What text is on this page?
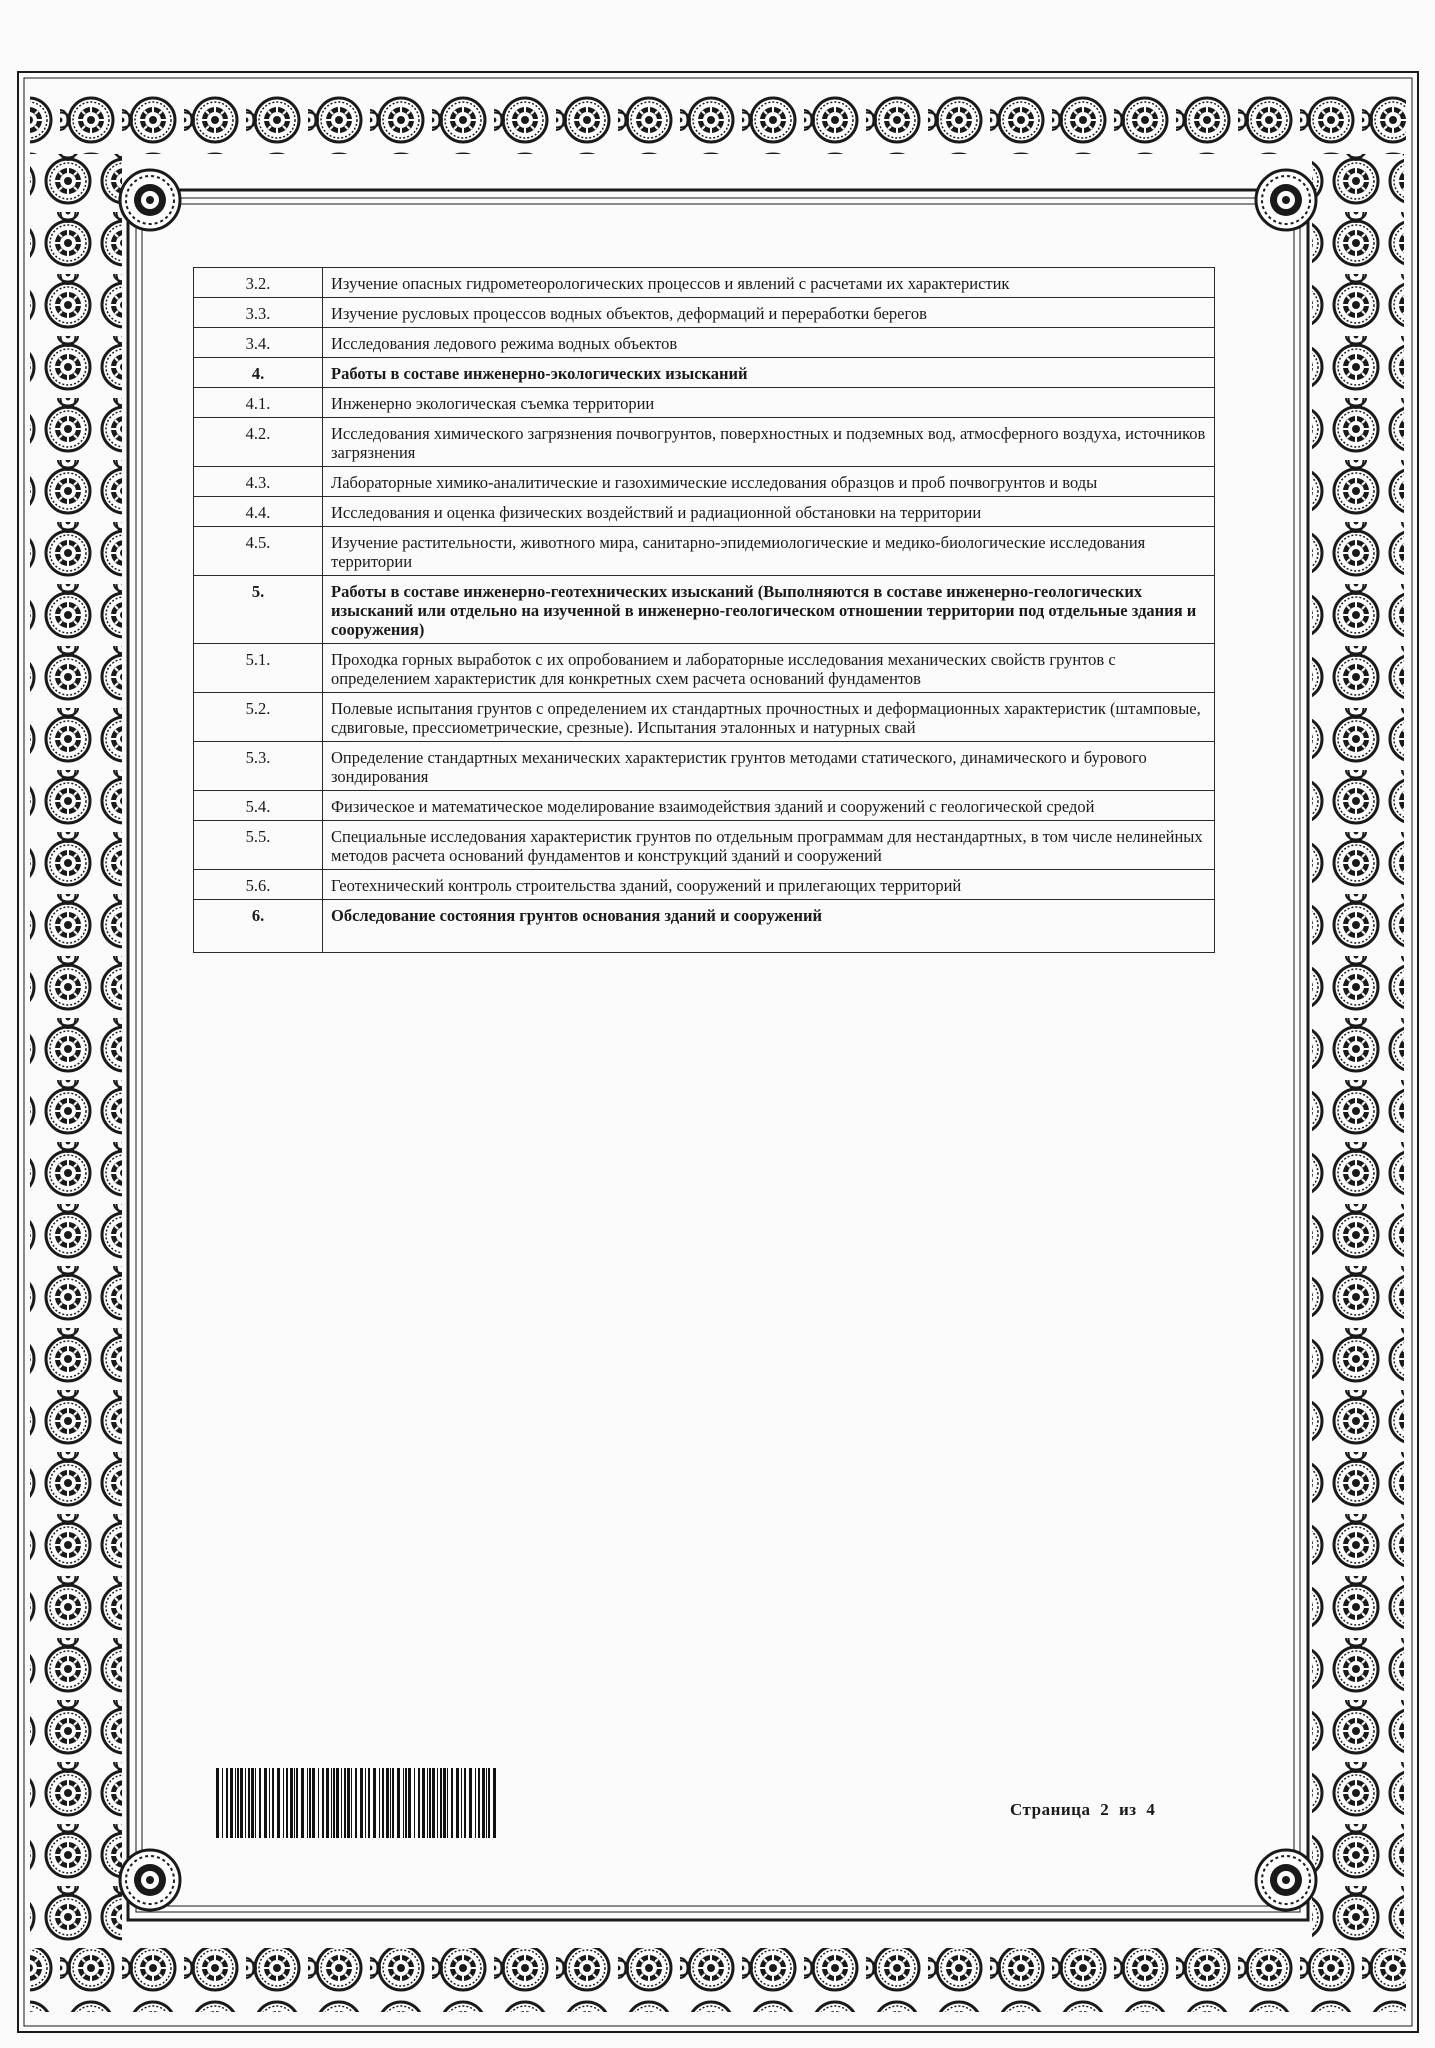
3.2.	Изучение опасных гидрометеорологических процессов и явлений с расчетами их характеристик
3.3.	Изучение русловых процессов водных объектов, деформаций и переработки берегов
3.4.	Исследования ледового режима водных объектов
4.	Работы в составе инженерно-экологических изысканий
4.1.	Инженерно экологическая съемка территории
4.2.	Исследования химического загрязнения почвогрунтов, поверхностных и подземных вод, атмосферного воздуха, источников загрязнения
4.3.	Лабораторные химико-аналитические и газохимические исследования образцов и проб почвогрунтов и воды
4.4.	Исследования и оценка физических воздействий и радиационной обстановки на территории
4.5.	Изучение растительности, животного мира, санитарно-эпидемиологические и медико-биологические исследования территории
5.	Работы в составе инженерно-геотехнических изысканий (Выполняются в составе инженерно-геологических изысканий или отдельно на изученной в инженерно-геологическом отношении территории под отдельные здания и сооружения)
5.1.	Проходка горных выработок с их опробованием и лабораторные исследования механических свойств грунтов с определением характеристик для конкретных схем расчета оснований фундаментов
5.2.	Полевые испытания грунтов с определением их стандартных прочностных и деформационных характеристик (штамповые, сдвиговые, прессиометрические, срезные). Испытания эталонных и натурных свай
5.3.	Определение стандартных механических характеристик грунтов методами статического, динамического и бурового зондирования
5.4.	Физическое и математическое моделирование взаимодействия зданий и сооружений с геологической средой
5.5.	Специальные исследования характеристик грунтов по отдельным программам для нестандартных, в том числе нелинейных методов расчета оснований фундаментов и конструкций зданий и сооружений
5.6.	Геотехнический контроль строительства зданий, сооружений и прилегающих территорий
6.	Обследование состояния грунтов основания зданий и сооружений
Страница 2 из 4
